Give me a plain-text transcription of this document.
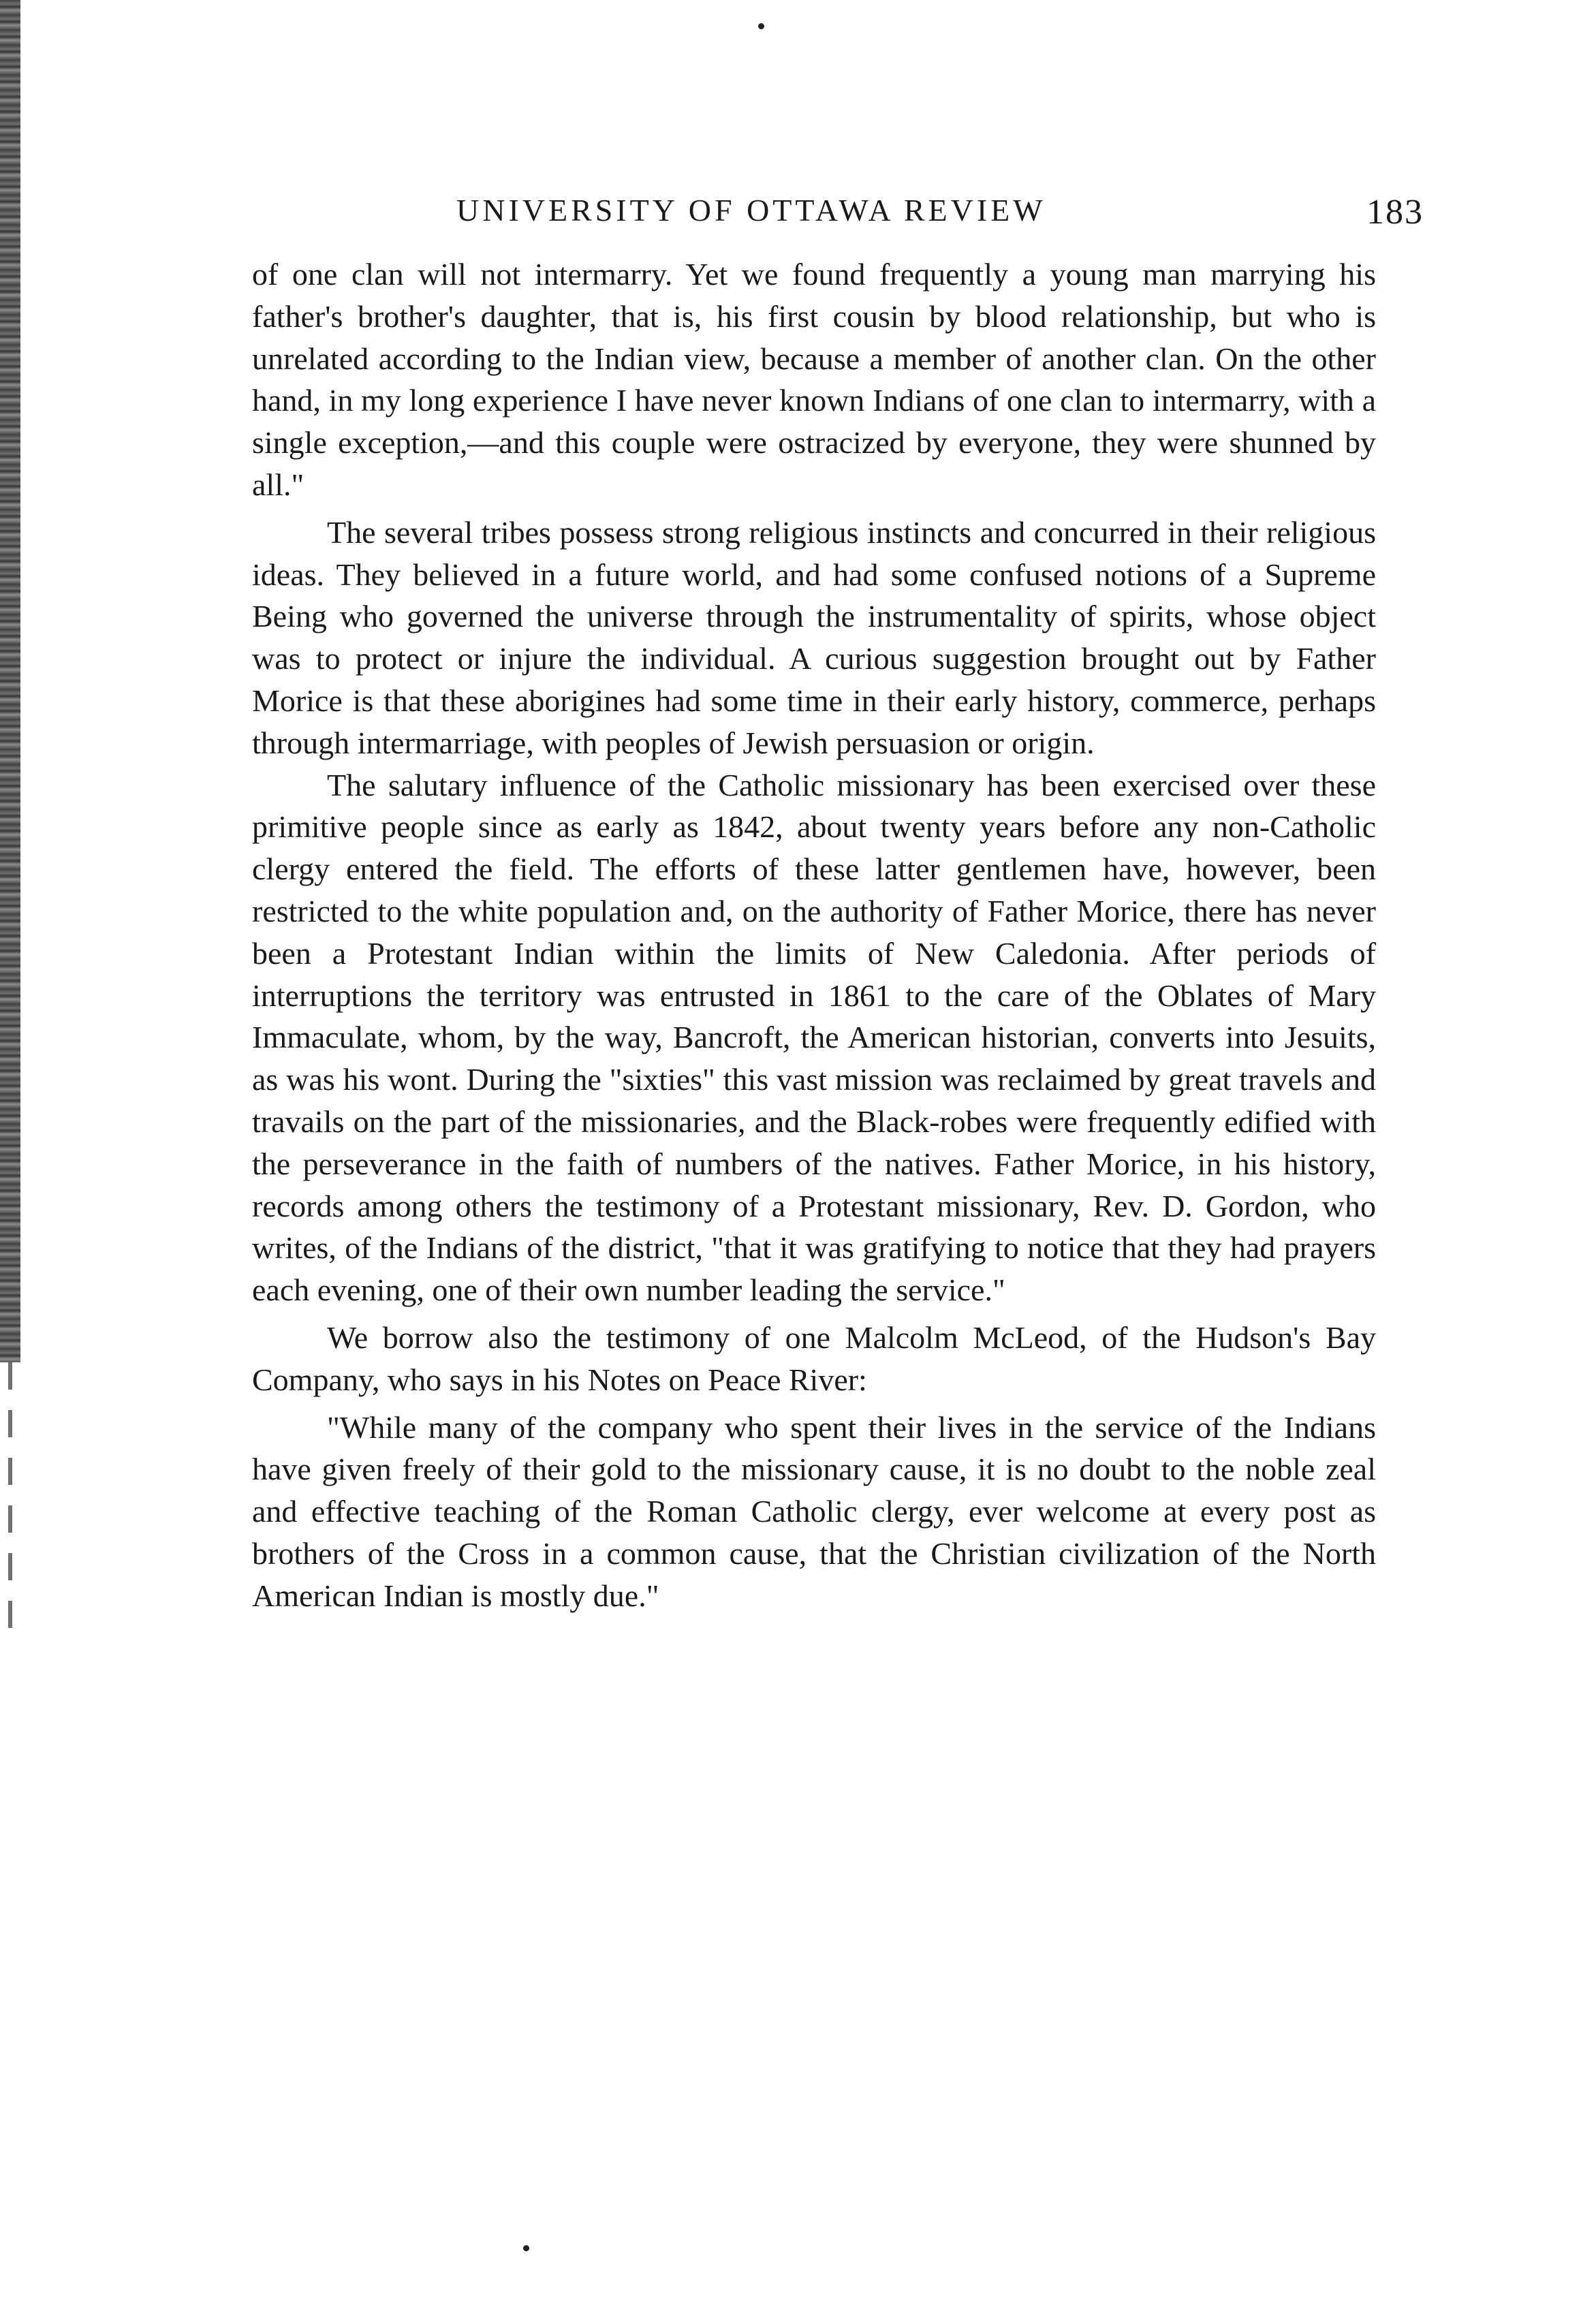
UNIVERSITY OF OTTAWA REVIEW	183

of one clan will not intermarry. Yet we found frequently a young man marrying his father's brother's daughter, that is, his first cousin by blood relationship, but who is unrelated according to the Indian view, because a member of another clan. On the other hand, in my long experience I have never known Indians of one clan to intermarry, with a single exception,—and this couple were ostracized by everyone, they were shunned by all."

The several tribes possess strong religious instincts and concurred in their religious ideas. They believed in a future world, and had some confused notions of a Supreme Being who governed the universe through the instrumentality of spirits, whose object was to protect or injure the individual. A curious suggestion brought out by Father Morice is that these aborigines had some time in their early history, commerce, perhaps through intermarriage, with peoples of Jewish persuasion or origin.

The salutary influence of the Catholic missionary has been exercised over these primitive people since as early as 1842, about twenty years before any non-Catholic clergy entered the field. The efforts of these latter gentlemen have, however, been restricted to the white population and, on the authority of Father Morice, there has never been a Protestant Indian within the limits of New Caledonia. After periods of interruptions the territory was entrusted in 1861 to the care of the Oblates of Mary Immaculate, whom, by the way, Bancroft, the American historian, converts into Jesuits, as was his wont. During the "sixties" this vast mission was reclaimed by great travels and travails on the part of the missionaries, and the Black-robes were frequently edified with the perseverance in the faith of numbers of the natives. Father Morice, in his history, records among others the testimony of a Protestant missionary, Rev. D. Gordon, who writes, of the Indians of the district, "that it was gratifying to notice that they had prayers each evening, one of their own number leading the service."

We borrow also the testimony of one Malcolm McLeod, of the Hudson's Bay Company, who says in his Notes on Peace River:

"While many of the company who spent their lives in the service of the Indians have given freely of their gold to the missionary cause, it is no doubt to the noble zeal and effective teaching of the Roman Catholic clergy, ever welcome at every post as brothers of the Cross in a common cause, that the Christian civilization of the North American Indian is mostly due."
